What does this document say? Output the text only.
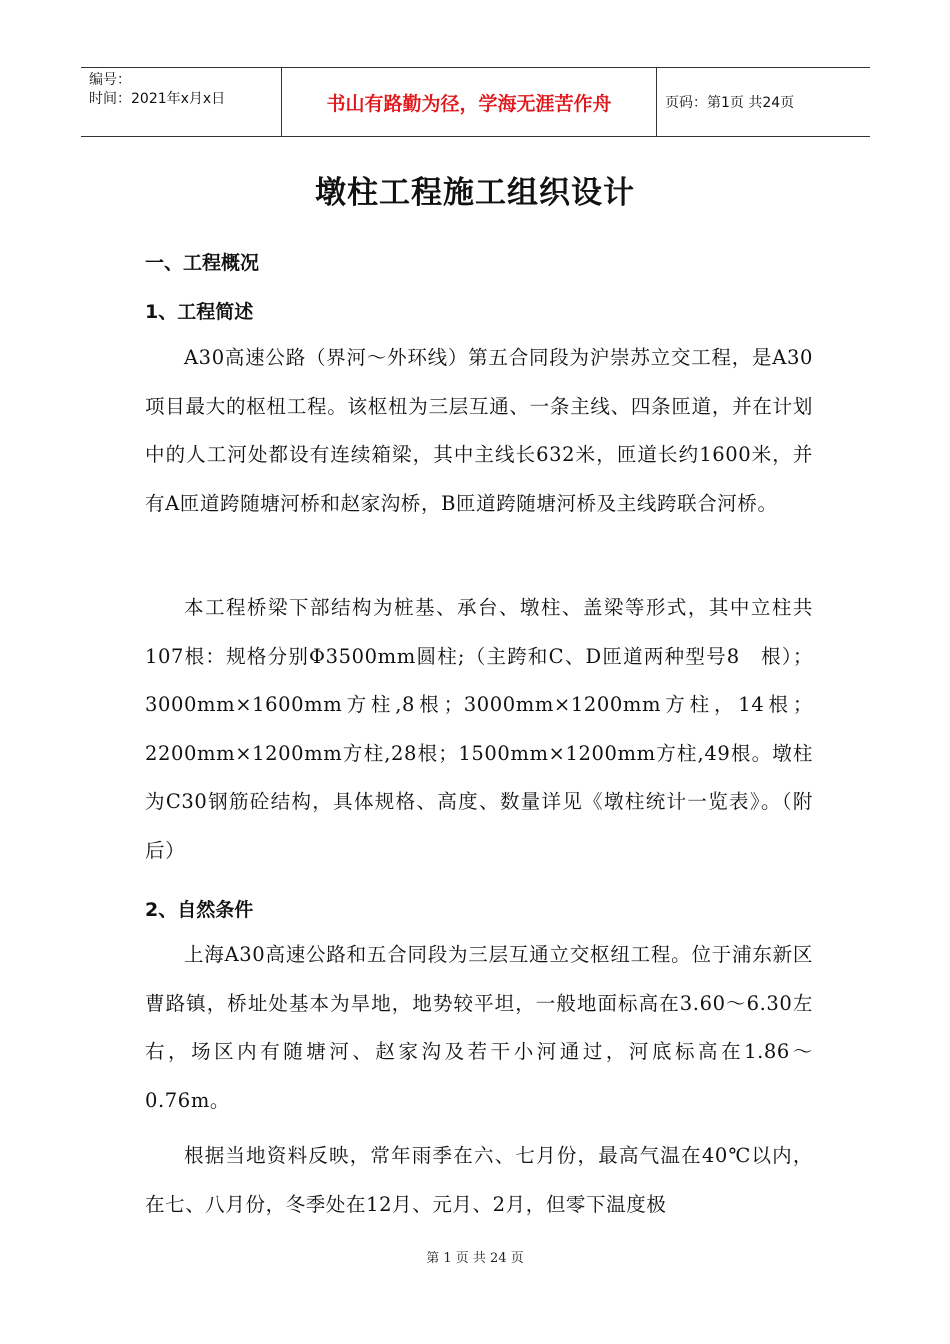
编号：
时间：2021年x月x日	书山有路勤为径，学海无涯苦作舟	页码：第1页 共24页
墩柱工程施工组织设计
一、工程概况
1、工程简述

A30高速公路（界河～外环线）第五合同段为沪崇苏立交工程，是A30项目最大的枢杻工程。该枢杻为三层互通、一条主线、四条匝道，并在计划中的人工河处都设有连续箱梁，其中主线长632米，匝道长约1600米，并有A匝道跨随塘河桥和赵家沟桥，B匝道跨随塘河桥及主线跨联合河桥。

本工程桥梁下部结构为桩基、承台、墩柱、盖梁等形式，其中立柱共107根：规格分别Φ3500mm圆柱;（主跨和C、D匝道两种型号8　根）；3000mm×1600mm方柱,8根；3000mm×1200mm方柱，14根；2200mm×1200mm方柱,28根；1500mm×1200mm方柱,49根。墩柱为C30钢筋砼结构，具体规格、高度、数量详见《墩柱统计一览表》。（附后）

2、自然条件

上海A30高速公路和五合同段为三层互通立交枢纽工程。位于浦东新区曹路镇，桥址处基本为旱地，地势较平坦，一般地面标高在3.60～6.30左右，场区内有随塘河、赵家沟及若干小河通过，河底标高在1.86～0.76m。

根据当地资料反映，常年雨季在六、七月份，最高气温在40℃以内，在七、八月份，冬季处在12月、元月、2月，但零下温度极

第 1 页 共 24 页
